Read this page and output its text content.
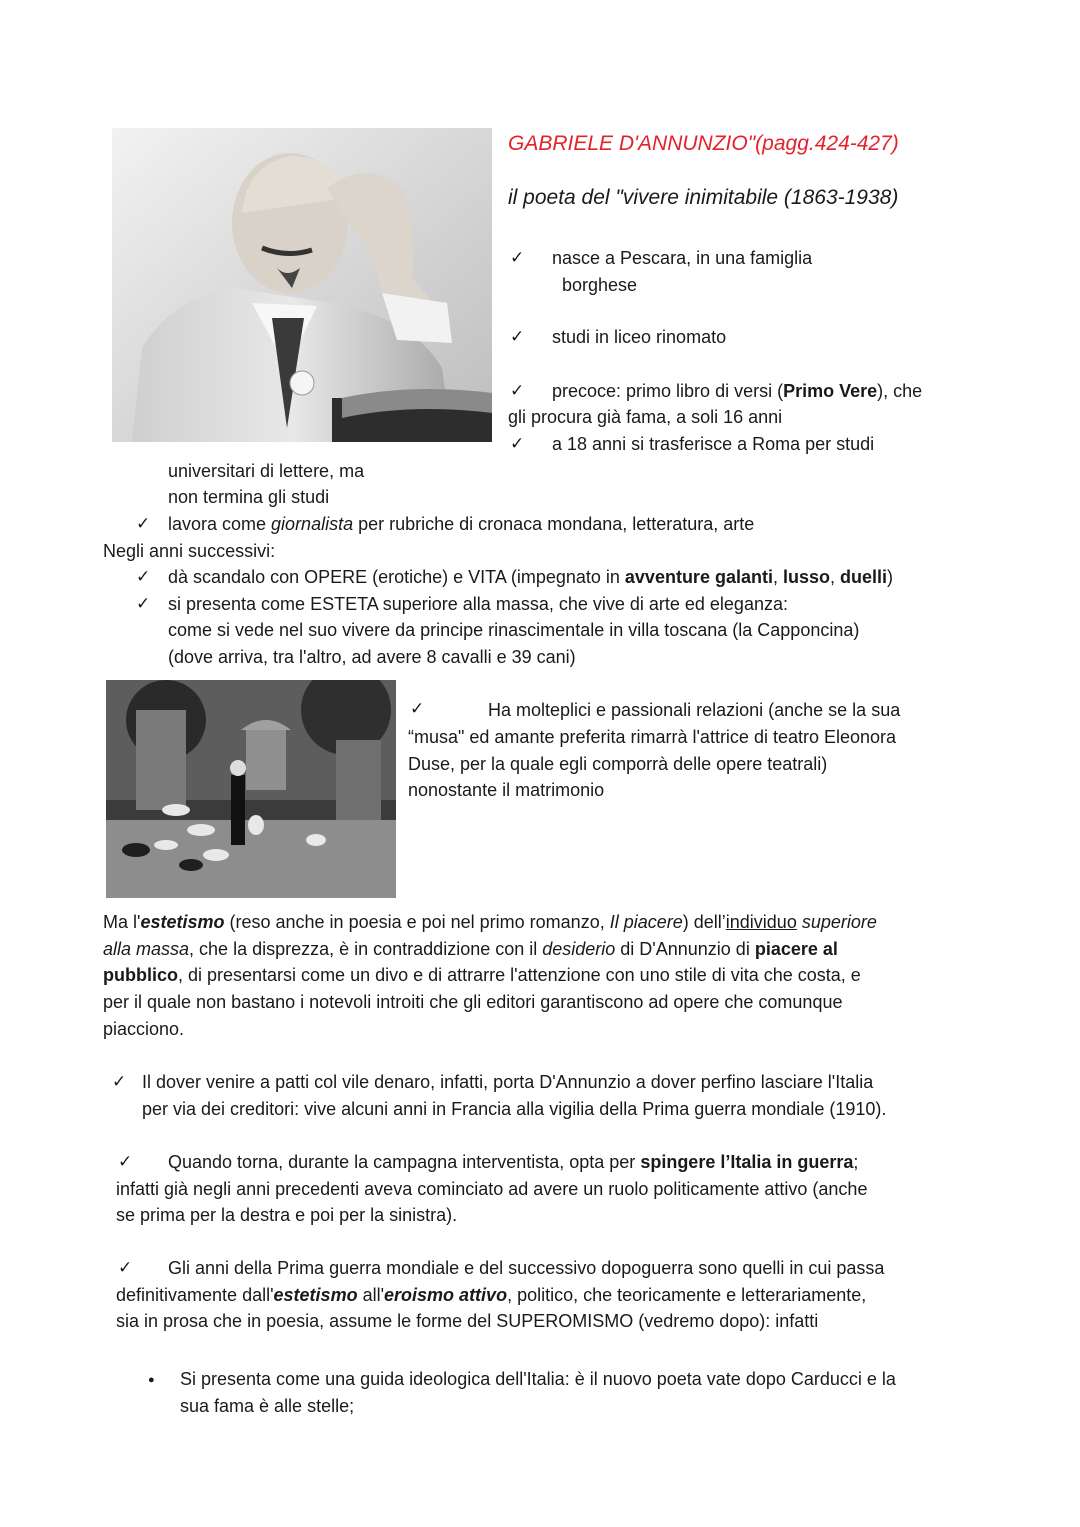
GABRIELE D'ANNUNZIO"(pagg.424-427)
il poeta del "vivere inimitabile (1863-1938)
✓ nasce a Pescara, in una famiglia
borghese
✓ studi in liceo rinomato
✓ precoce: primo libro di versi (Primo Vere), che
gli procura già fama, a soli 16 anni
✓ a 18 anni si trasferisce a Roma per studi
universitari di lettere, ma
non termina gli studi
✓ lavora come giornalista per rubriche di cronaca mondana, letteratura, arte
Negli anni successivi:
✓ dà scandalo con OPERE (erotiche) e VITA (impegnato in avventure galanti, lusso, duelli)
✓ si presenta come ESTETA superiore alla massa, che vive di arte ed eleganza:
come si vede nel suo vivere da principe rinascimentale in villa toscana (la Capponcina)
(dove arriva, tra l'altro, ad avere 8 cavalli e 39 cani)
✓	Ha molteplici e passionali relazioni (anche se la sua
“musa" ed amante preferita rimarrà l'attrice di teatro Eleonora
Duse, per la quale egli comporrà delle opere teatrali)
nonostante il matrimonio
Ma l'estetismo (reso anche in poesia e poi nel primo romanzo, Il piacere) dell’individuo superiore
alla massa, che la disprezza, è in contraddizione con il desiderio di D'Annunzio di piacere al
pubblico, di presentarsi come un divo e di attrarre l'attenzione con uno stile di vita che costa, e
per il quale non bastano i notevoli introiti che gli editori garantiscono ad opere che comunque
piacciono.
✓ Il dover venire a patti col vile denaro, infatti, porta D'Annunzio a dover perfino lasciare l'Italia
per via dei creditori: vive alcuni anni in Francia alla vigilia della Prima guerra mondiale (1910).
✓ Quando torna, durante la campagna interventista, opta per spingere l’Italia in guerra;
infatti già negli anni precedenti aveva cominciato ad avere un ruolo politicamente attivo (anche
se prima per la destra e poi per la sinistra).
✓ Gli anni della Prima guerra mondiale e del successivo dopoguerra sono quelli in cui passa
definitivamente dall'estetismo all'eroismo attivo, politico, che teoricamente e letterariamente,
sia in prosa che in poesia, assume le forme del SUPEROMISMO (vedremo dopo): infatti
● Si presenta come una guida ideologica dell'Italia: è il nuovo poeta vate dopo Carducci e la
sua fama è alle stelle;
